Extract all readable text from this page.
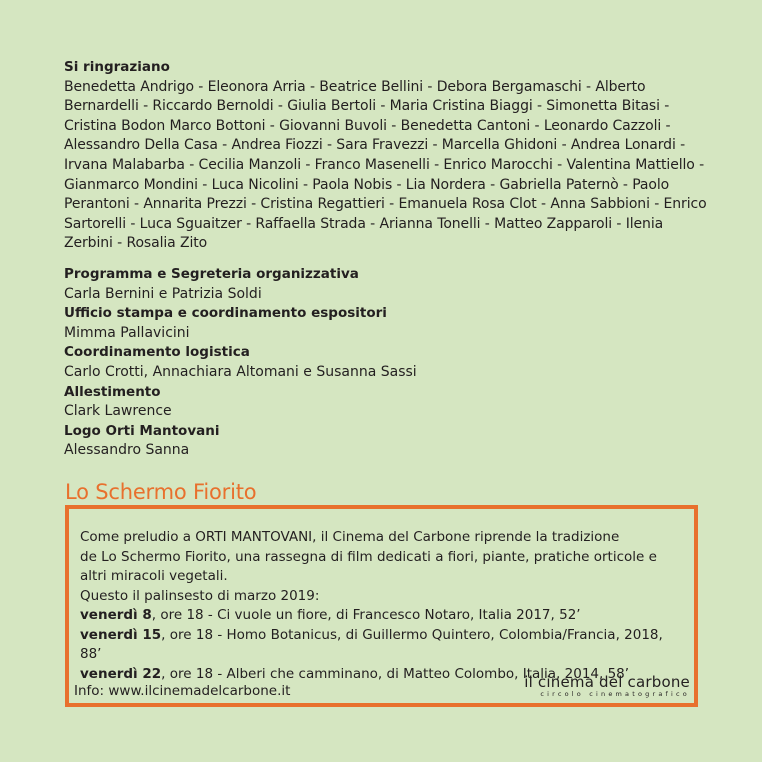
Si ringraziano
Benedetta Andrigo - Eleonora Arria - Beatrice Bellini - Debora Bergamaschi - Alberto Bernardelli - Riccardo Bernoldi - Giulia Bertoli - Maria Cristina Biaggi - Simonetta Bitasi - Cristina Bodon Marco Bottoni - Giovanni Buvoli - Benedetta Cantoni - Leonardo Cazzoli - Alessandro Della Casa - Andrea Fiozzi - Sara Fravezzi - Marcella Ghidoni - Andrea Lonardi - Irvana Malabarba - Cecilia Manzoli - Franco Masenelli - Enrico Marocchi - Valentina Mattiello - Gianmarco Mondini - Luca Nicolini - Paola Nobis - Lia Nordera - Gabriella Paternò - Paolo Perantoni - Annarita Prezzi - Cristina Regattieri - Emanuela Rosa Clot - Anna Sabbioni - Enrico Sartorelli - Luca Sguaitzer - Raffaella Strada - Arianna Tonelli - Matteo Zapparoli - Ilenia Zerbini - Rosalia Zito
Programma e Segreteria organizzativa
Carla Bernini e Patrizia Soldi
Ufficio stampa e coordinamento espositori
Mimma Pallavicini
Coordinamento logistica
Carlo Crotti, Annachiara Altomani e Susanna Sassi
Allestimento
Clark Lawrence
Logo Orti Mantovani
Alessandro Sanna
Lo Schermo Fiorito
Come preludio a ORTI MANTOVANI, il Cinema del Carbone riprende la tradizione
de Lo Schermo Fiorito, una rassegna di film dedicati a fiori, piante, pratiche orticole e
altri miracoli vegetali.
Questo il palinsesto di marzo 2019:
venerdì 8, ore 18 - Ci vuole un fiore, di Francesco Notaro, Italia 2017, 52’
venerdì 15, ore 18 - Homo Botanicus, di Guillermo Quintero, Colombia/Francia, 2018, 88’
venerdì 22, ore 18 - Alberi che camminano, di Matteo Colombo, Italia, 2014, 58’
Info: www.ilcinemadelcarbone.it	il cinema del carbone
circolo cinematografico
